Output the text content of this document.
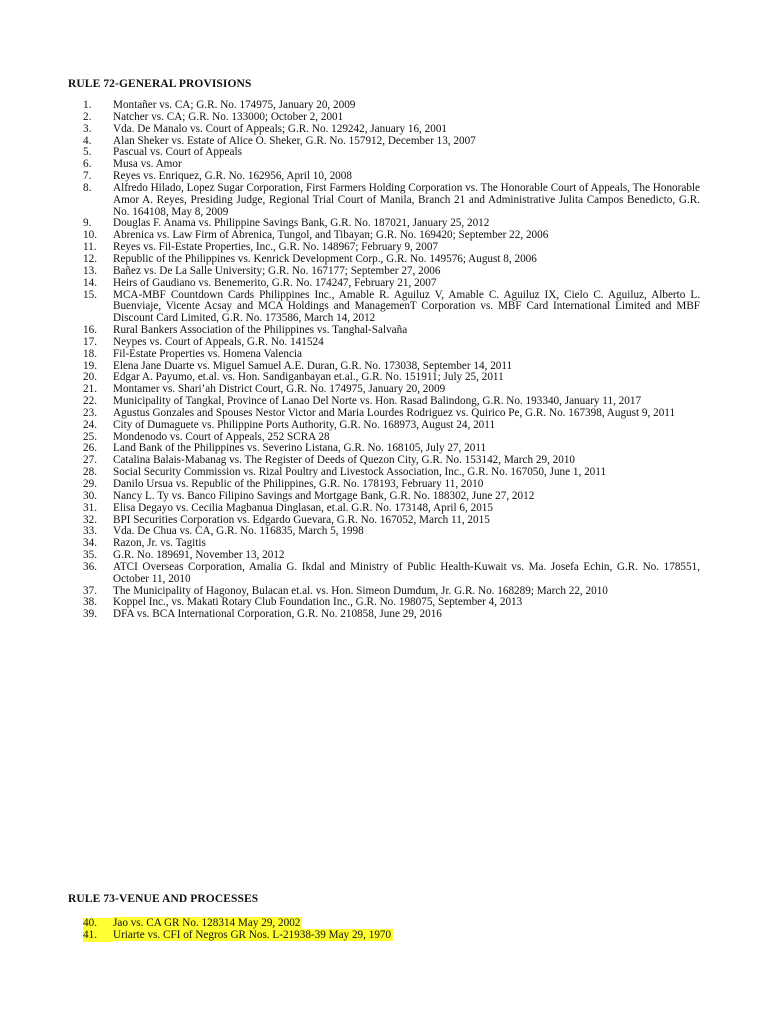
RULE 72-GENERAL PROVISIONS
1.	Montañer vs. CA; G.R. No. 174975, January 20, 2009
2.	Natcher vs. CA; G.R. No. 133000; October 2, 2001
3.	Vda. De Manalo vs. Court of Appeals; G.R. No. 129242, January 16, 2001
4.	Alan Sheker vs. Estate of Alice O. Sheker, G.R. No. 157912, December 13, 2007
5.	Pascual vs. Court of Appeals
6.	Musa vs. Amor
7.	Reyes vs. Enriquez, G.R. No. 162956, April 10, 2008
8.	Alfredo Hilado, Lopez Sugar Corporation, First Farmers Holding Corporation vs. The Honorable Court of Appeals, The Honorable Amor A. Reyes, Presiding Judge, Regional Trial Court of Manila, Branch 21 and Administrative Julita Campos Benedicto, G.R. No. 164108, May 8, 2009
9.	Douglas F. Anama vs. Philippine Savings Bank, G.R. No. 187021, January 25, 2012
10.	Abrenica vs. Law Firm of Abrenica, Tungol, and Tibayan; G.R. No. 169420; September 22, 2006
11.	Reyes vs. Fil-Estate Properties, Inc., G.R. No. 148967; February 9, 2007
12.	Republic of the Philippines vs. Kenrick Development Corp., G.R. No. 149576; August 8, 2006
13.	Bañez vs. De La Salle University; G.R. No. 167177; September 27, 2006
14.	Heirs of Gaudiano vs. Benemerito, G.R. No. 174247, February 21, 2007
15.	MCA-MBF Countdown Cards Philippines Inc., Amable R. Aguiluz V, Amable C. Aguiluz IX, Cielo C. Aguiluz, Alberto L. Buenviaje, Vicente Acsay and MCA Holdings and ManagemenT Corporation vs. MBF Card International Limited and MBF Discount Card Limited, G.R. No. 173586, March 14, 2012
16.	Rural Bankers Association of the Philippines vs. Tanghal-Salvaña
17.	Neypes vs. Court of Appeals, G.R. No. 141524
18.	Fil-Estate Properties vs. Homena Valencia
19.	Elena Jane Duarte vs. Miguel Samuel A.E. Duran, G.R. No. 173038, September 14, 2011
20.	Edgar A. Payumo, et.al. vs. Hon. Sandiganbayan et.al., G.R. No. 151911; July 25, 2011
21.	Montamer vs. Shari’ah District Court, G.R. No. 174975, January 20, 2009
22.	Municipality of Tangkal, Province of Lanao Del Norte vs. Hon. Rasad Balindong, G.R. No. 193340, January 11, 2017
23.	Agustus Gonzales and Spouses Nestor Victor and Maria Lourdes Rodriguez vs. Quirico Pe, G.R. No. 167398, August 9, 2011
24.	City of Dumaguete vs. Philippine Ports Authority, G.R. No. 168973, August 24, 2011
25.	Mondenodo vs. Court of Appeals, 252 SCRA 28
26.	Land Bank of the Philippines vs. Severino Listana, G.R. No. 168105, July 27, 2011
27.	Catalina Balais-Mabanag vs. The Register of Deeds of Quezon City, G.R. No. 153142, March 29, 2010
28.	Social Security Commission vs. Rizal Poultry and Livestock Association, Inc., G.R. No. 167050, June 1, 2011
29.	Danilo Ursua vs. Republic of the Philippines, G.R. No. 178193, February 11, 2010
30.	Nancy L. Ty vs. Banco Filipino Savings and Mortgage Bank, G.R. No. 188302, June 27, 2012
31.	Elisa Degayo vs. Cecilia Magbanua Dinglasan, et.al. G.R. No. 173148, April 6, 2015
32.	BPI Securities Corporation vs. Edgardo Guevara, G.R. No. 167052, March 11, 2015
33.	Vda. De Chua vs. CA, G.R. No. 116835, March 5, 1998
34.	Razon, Jr. vs. Tagitis
35.	G.R. No. 189691, November 13, 2012
36.	ATCI Overseas Corporation, Amalia G. Ikdal and Ministry of Public Health-Kuwait vs. Ma. Josefa Echin, G.R. No. 178551, October 11, 2010
37.	The Municipality of Hagonoy, Bulacan et.al. vs. Hon. Simeon Dumdum, Jr. G.R. No. 168289; March 22, 2010
38.	Koppel Inc., vs. Makati Rotary Club Foundation Inc., G.R. No. 198075, September 4, 2013
39.	DFA vs. BCA International Corporation, G.R. No. 210858, June 29, 2016
RULE 73-VENUE AND PROCESSES
40.	Jao vs. CA GR No. 128314 May 29, 2002
41.	Uriarte vs. CFI of Negros GR Nos. L-21938-39 May 29, 1970
